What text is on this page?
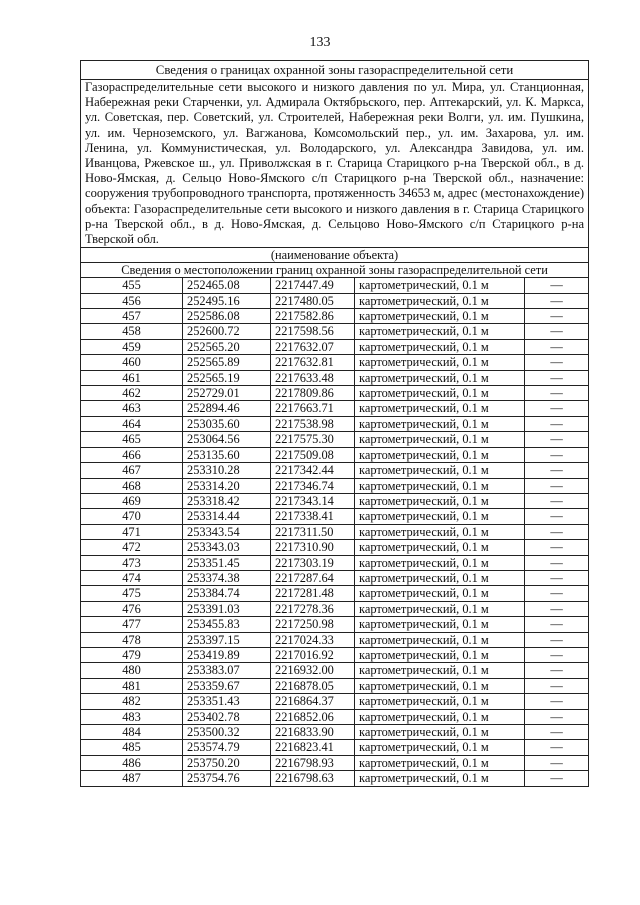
133
Сведения о границах охранной зоны газораспределительной сети				
Газораспределительные сети высокого и низкого давления по ул. Мира, ул. Станционная, Набережная реки Старченки, ул. Адмирала Октябрьского, пер. Аптекарский, ул. К. Маркса, ул. Советская, пер. Советский, ул. Строителей, Набережная реки Волги, ул. им. Пушкина, ул. им. Черноземского, ул. Вагжанова, Комсомольский пер., ул. им. Захарова, ул. им. Ленина, ул. Коммунистическая, ул. Володарского, ул. Александра Завидова, ул. им. Иванцова, Ржевское ш., ул. Приволжская в г. Старица Старицкого р-на Тверской обл., в д. Ново-Ямская, д. Сельцо Ново-Ямского с/п Старицкого р-на Тверской обл., назначение: сооружения трубопроводного транспорта, протяженность 34653 м, адрес (местонахождение) объекта: Газораспределительные сети высокого и низкого давления в г. Старица Старицкого р-на Тверской обл., в д. Ново-Ямская, д. Сельцово Ново-Ямского с/п Старицкого р-на Тверской обл.				
(наименование объекта)				
Сведения о местоположении границ охранной зоны газораспределительной сети				
455	252465.08	2217447.49	картометрический, 0.1 м	—
456	252495.16	2217480.05	картометрический, 0.1 м	—
457	252586.08	2217582.86	картометрический, 0.1 м	—
458	252600.72	2217598.56	картометрический, 0.1 м	—
459	252565.20	2217632.07	картометрический, 0.1 м	—
460	252565.89	2217632.81	картометрический, 0.1 м	—
461	252565.19	2217633.48	картометрический, 0.1 м	—
462	252729.01	2217809.86	картометрический, 0.1 м	—
463	252894.46	2217663.71	картометрический, 0.1 м	—
464	253035.60	2217538.98	картометрический, 0.1 м	—
465	253064.56	2217575.30	картометрический, 0.1 м	—
466	253135.60	2217509.08	картометрический, 0.1 м	—
467	253310.28	2217342.44	картометрический, 0.1 м	—
468	253314.20	2217346.74	картометрический, 0.1 м	—
469	253318.42	2217343.14	картометрический, 0.1 м	—
470	253314.44	2217338.41	картометрический, 0.1 м	—
471	253343.54	2217311.50	картометрический, 0.1 м	—
472	253343.03	2217310.90	картометрический, 0.1 м	—
473	253351.45	2217303.19	картометрический, 0.1 м	—
474	253374.38	2217287.64	картометрический, 0.1 м	—
475	253384.74	2217281.48	картометрический, 0.1 м	—
476	253391.03	2217278.36	картометрический, 0.1 м	—
477	253455.83	2217250.98	картометрический, 0.1 м	—
478	253397.15	2217024.33	картометрический, 0.1 м	—
479	253419.89	2217016.92	картометрический, 0.1 м	—
480	253383.07	2216932.00	картометрический, 0.1 м	—
481	253359.67	2216878.05	картометрический, 0.1 м	—
482	253351.43	2216864.37	картометрический, 0.1 м	—
483	253402.78	2216852.06	картометрический, 0.1 м	—
484	253500.32	2216833.90	картометрический, 0.1 м	—
485	253574.79	2216823.41	картометрический, 0.1 м	—
486	253750.20	2216798.93	картометрический, 0.1 м	—
487	253754.76	2216798.63	картометрический, 0.1 м	—
